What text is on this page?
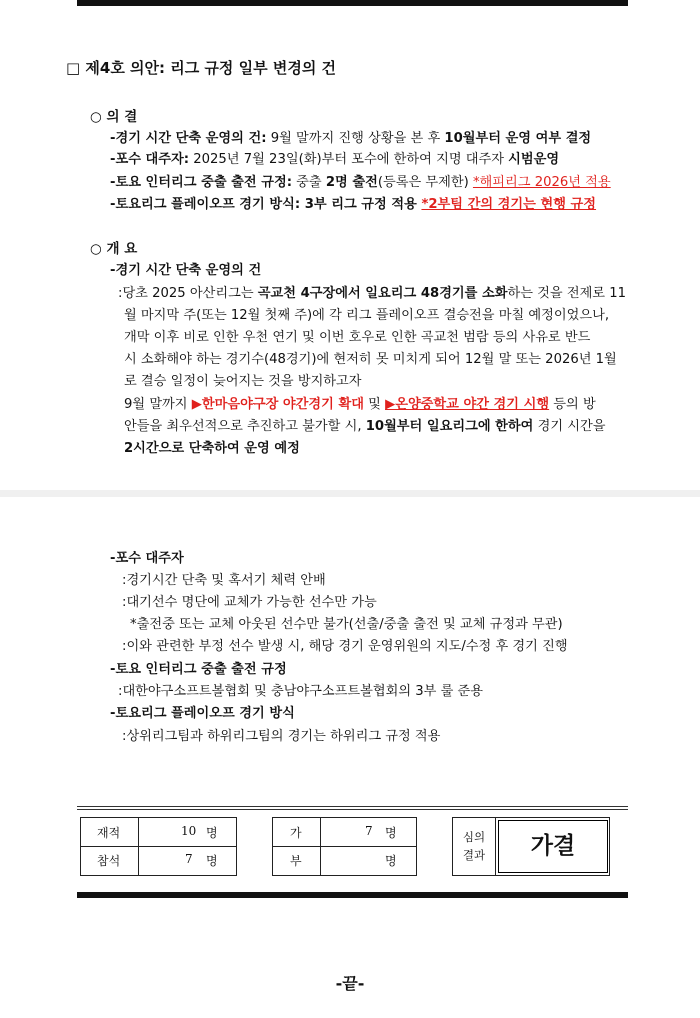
□ 제4호 의안: 리그 규정 일부 변경의 건
○ 의 결
-경기 시간 단축 운영의 건: 9월 말까지 진행 상황을 본 후 10월부터 운영 여부 결정
-포수 대주자: 2025년 7월 23일(화)부터 포수에 한하여 지명 대주자 시범운영
-토요 인터리그 중출 출전 규정: 중출 2명 출전(등록은 무제한) *해피리그 2026년 적용
-토요리그 플레이오프 경기 방식: 3부 리그 규정 적용 *2부팀 간의 경기는 현행 규정
○ 개 요
-경기 시간 단축 운영의 건
:당초 2025 아산리그는 곡교천 4구장에서 일요리그 48경기를 소화하는 것을 전제로 11
월 마지막 주(또는 12월 첫째 주)에 각 리그 플레이오프 결승전을 마칠 예정이었으나,
개막 이후 비로 인한 우천 연기 및 이번 호우로 인한 곡교천 범람 등의 사유로 반드
시 소화해야 하는 경기수(48경기)에 현저히 못 미치게 되어 12월 말 또는 2026년 1월
로 결승 일정이 늦어지는 것을 방지하고자
9월 말까지 ▶한마음야구장 야간경기 확대 및 ▶온양중학교 야간 경기 시행 등의 방
안들을 최우선적으로 추진하고 불가할 시, 10월부터 일요리그에 한하여 경기 시간을
2시간으로 단축하여 운영 예정
-포수 대주자
:경기시간 단축 및 혹서기 체력 안배
:대기선수 명단에 교체가 가능한 선수만 가능
*출전중 또는 교체 아웃된 선수만 불가(선출/중출 출전 및 교체 규정과 무관)
:이와 관련한 부정 선수 발생 시, 해당 경기 운영위원의 지도/수정 후 경기 진행
-토요 인터리그 중출 출전 규정
:대한야구소프트볼협회 및 충남야구소프트볼협회의 3부 룰 준용
-토요리그 플레이오프 경기 방식
:상위리그팀과 하위리그팀의 경기는 하위리그 규정 적용
재적	10 명
참석	7 명
가	7 명
부	명
심의
결과	가결
-끝-
